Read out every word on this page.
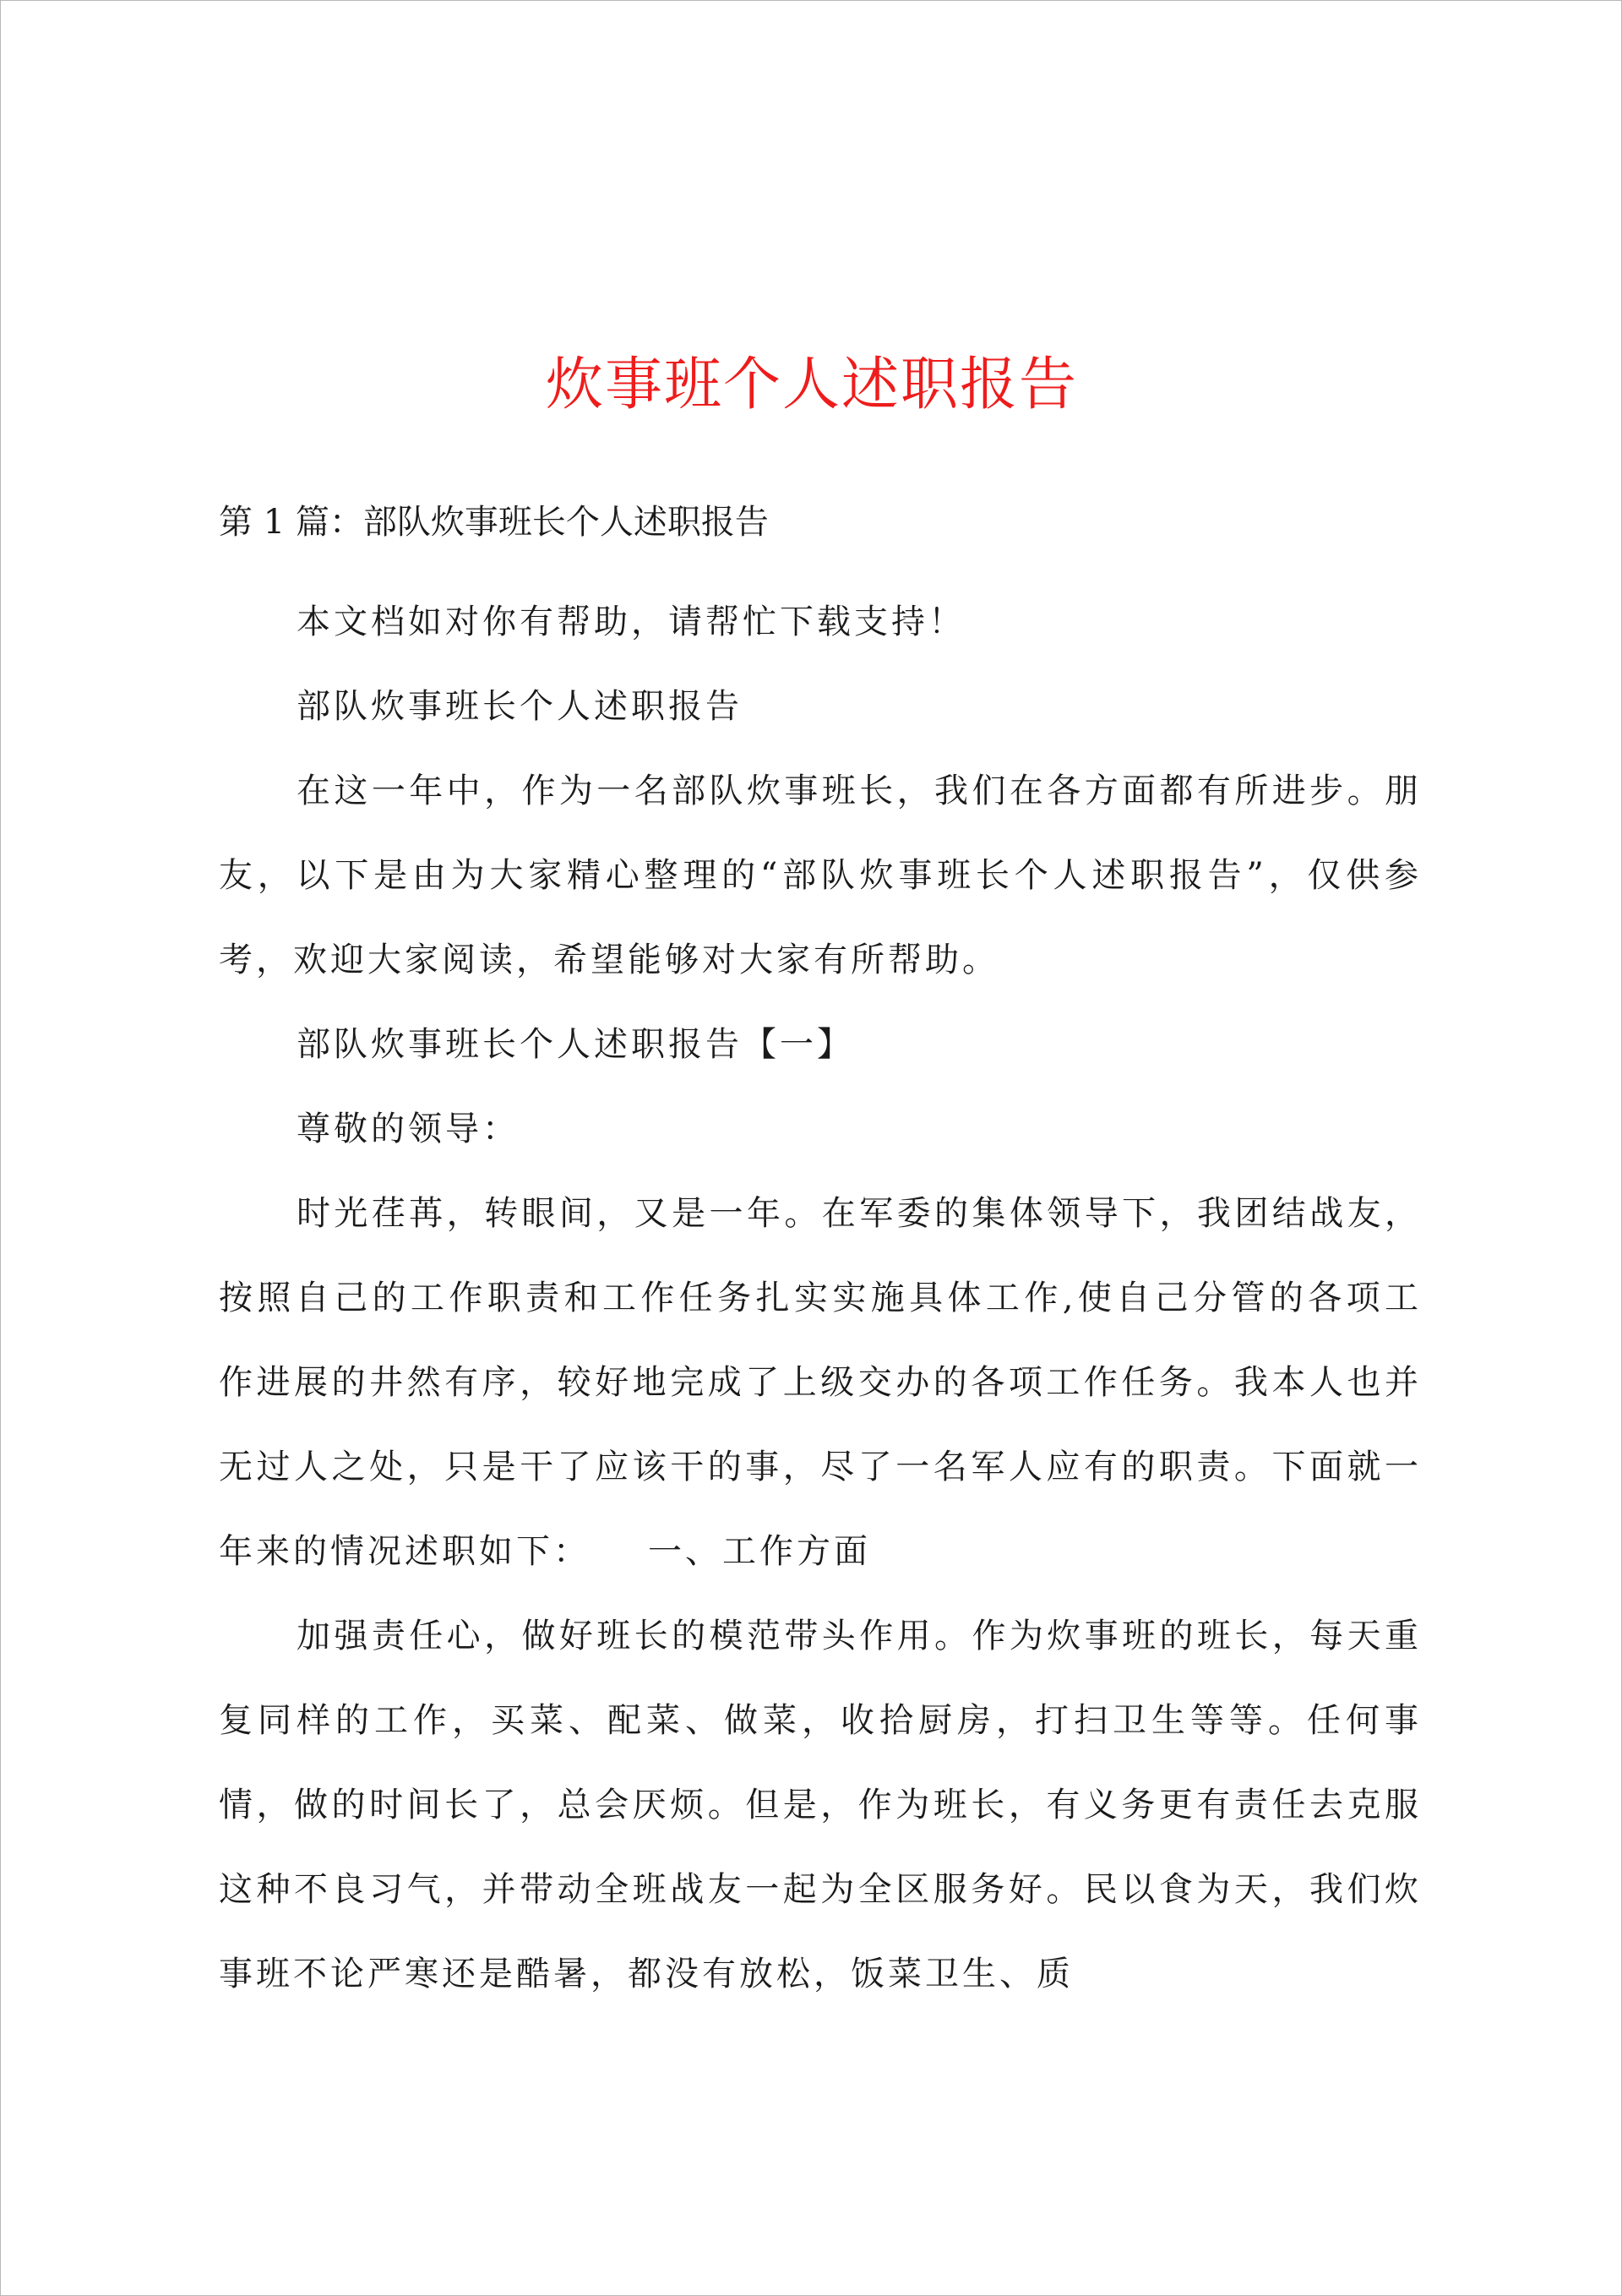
炊事班个人述职报告
第 1 篇：部队炊事班长个人述职报告

本文档如对你有帮助，请帮忙下载支持！

部队炊事班长个人述职报告

在这一年中，作为一名部队炊事班长，我们在各方面都有所进步。朋友，以下是由为大家精心整理的“部队炊事班长个人述职报告”，仅供参考，欢迎大家阅读，希望能够对大家有所帮助。

部队炊事班长个人述职报告【一】

尊敬的领导：

时光荏苒，转眼间，又是一年。在军委的集体领导下，我团结战友，按照自己的工作职责和工作任务扎实实施具体工作,使自己分管的各项工作进展的井然有序，较好地完成了上级交办的各项工作任务。我本人也并无过人之处，只是干了应该干的事，尽了一名军人应有的职责。下面就一年来的情况述职如下：　　一、工作方面

加强责任心，做好班长的模范带头作用。作为炊事班的班长，每天重复同样的工作，买菜、配菜、做菜，收拾厨房，打扫卫生等等。任何事情，做的时间长了，总会厌烦。但是，作为班长，有义务更有责任去克服这种不良习气，并带动全班战友一起为全区服务好。民以食为天，我们炊事班不论严寒还是酷暑，都没有放松，饭菜卫生、质
